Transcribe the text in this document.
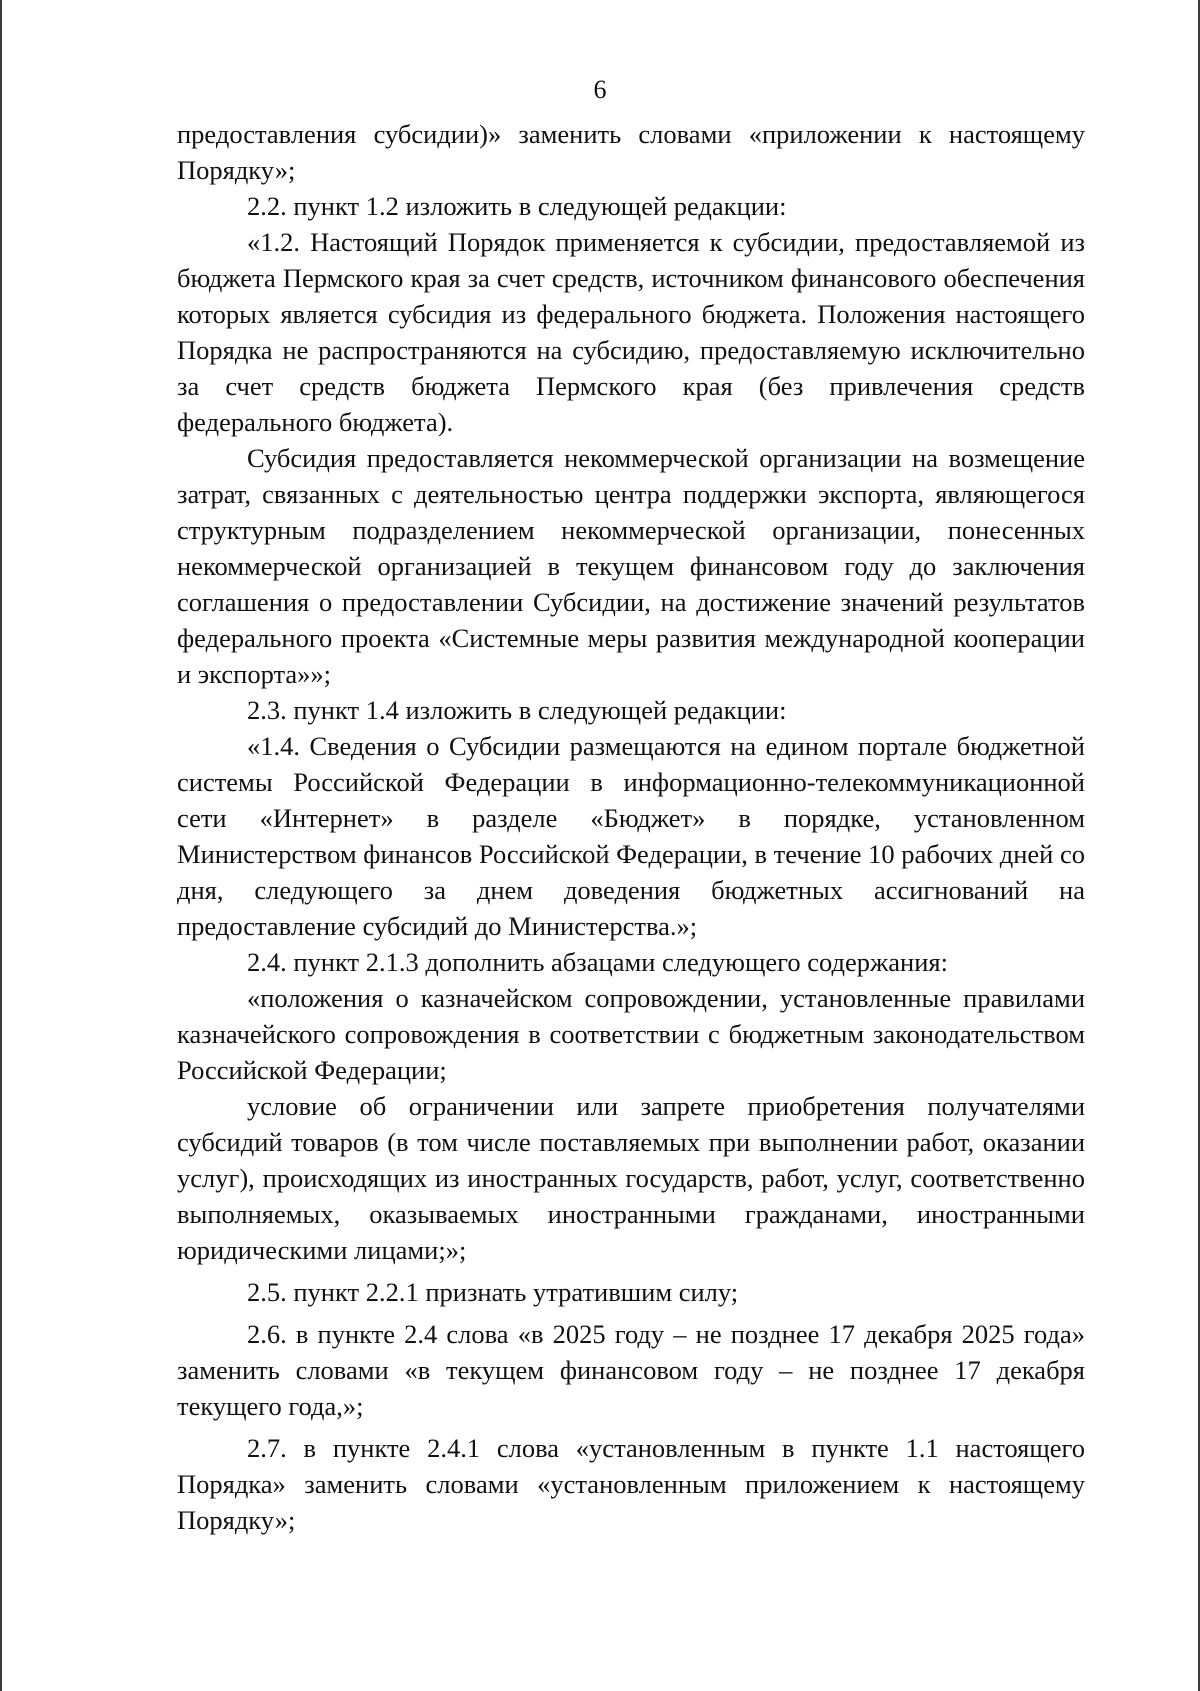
6

предоставления субсидии)» заменить словами «приложении к настоящему Порядку»;

2.2. пункт 1.2 изложить в следующей редакции:

«1.2. Настоящий Порядок применяется к субсидии, предоставляемой из бюджета Пермского края за счет средств, источником финансового обеспечения которых является субсидия из федерального бюджета. Положения настоящего Порядка не распространяются на субсидию, предоставляемую исключительно за счет средств бюджета Пермского края (без привлечения средств федерального бюджета).

Субсидия предоставляется некоммерческой организации на возмещение затрат, связанных с деятельностью центра поддержки экспорта, являющегося структурным подразделением некоммерческой организации, понесенных некоммерческой организацией в текущем финансовом году до заключения соглашения о предоставлении Субсидии, на достижение значений результатов федерального проекта «Системные меры развития международной кооперации и экспорта»»;

2.3. пункт 1.4 изложить в следующей редакции:

«1.4. Сведения о Субсидии размещаются на едином портале бюджетной системы Российской Федерации в информационно-телекоммуникационной сети «Интернет» в разделе «Бюджет» в порядке, установленном Министерством финансов Российской Федерации, в течение 10 рабочих дней со дня, следующего за днем доведения бюджетных ассигнований на предоставление субсидий до Министерства.»;

2.4. пункт 2.1.3 дополнить абзацами следующего содержания:

«положения о казначейском сопровождении, установленные правилами казначейского сопровождения в соответствии с бюджетным законодательством Российской Федерации;

условие об ограничении или запрете приобретения получателями субсидий товаров (в том числе поставляемых при выполнении работ, оказании услуг), происходящих из иностранных государств, работ, услуг, соответственно выполняемых, оказываемых иностранными гражданами, иностранными юридическими лицами;»;

2.5. пункт 2.2.1 признать утратившим силу;

2.6. в пункте 2.4 слова «в 2025 году – не позднее 17 декабря 2025 года» заменить словами «в текущем финансовом году – не позднее 17 декабря текущего года,»;

2.7. в пункте 2.4.1 слова «установленным в пункте 1.1 настоящего Порядка» заменить словами «установленным приложением к настоящему Порядку»;
